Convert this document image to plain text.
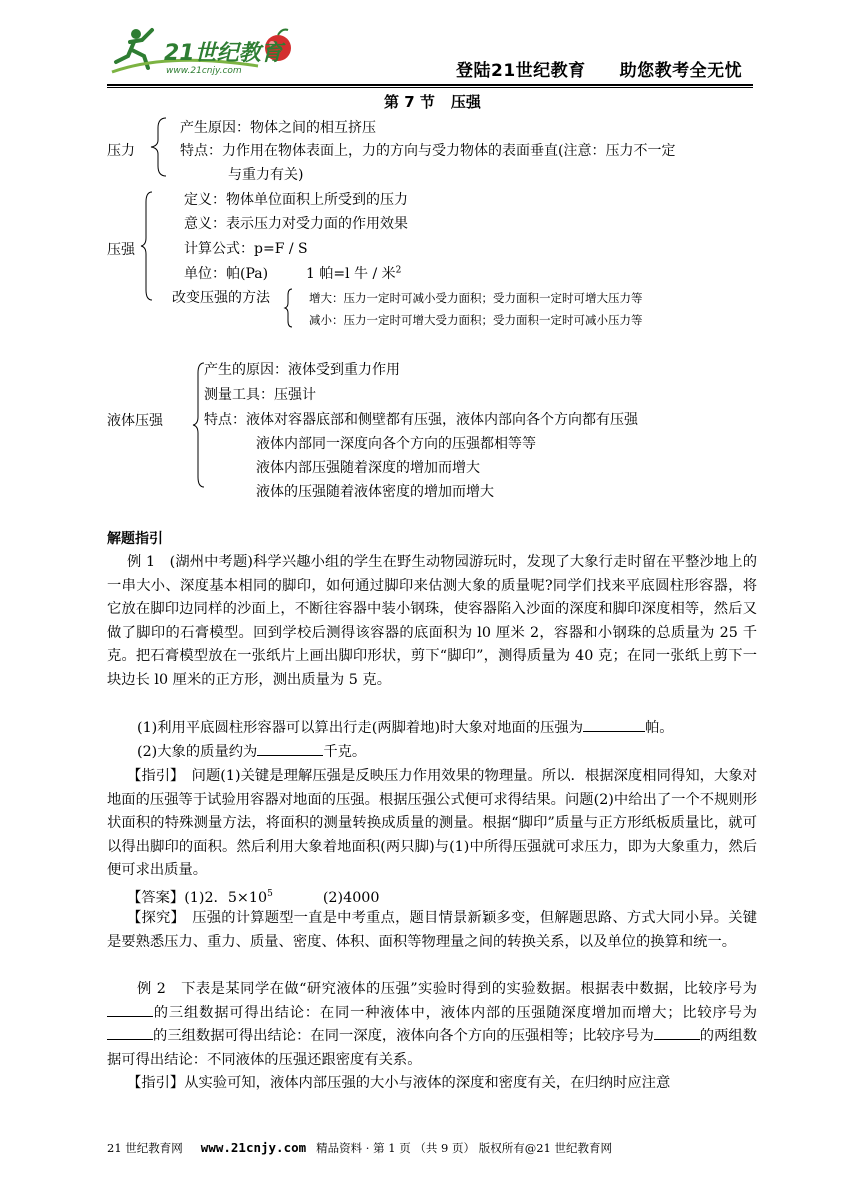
21世纪教育
www.21cnjy.com	登陆21世纪教育 助您教考全无忧
第 7 节 压强
压力
产生原因：物体之间的相互挤压
特点：力作用在物体表面上，力的方向与受力物体的表面垂直(注意：压力不一定
与重力有关)
压强
定义：物体单位面积上所受到的压力
意义：表示压力对受力面的作用效果
计算公式：p=F / S
单位：帕(Pa)	1 帕=l 牛 / 米$^2$
改变压强的方法	增大：压力一定时可减小受力面积；受力面积一定时可增大压力等
减小：压力一定时可增大受力面积；受力面积一定时可减小压力等
液体压强
产生的原因：液体受到重力作用
测量工具：压强计
特点：液体对容器底部和侧壁都有压强，液体内部向各个方向都有压强
液体内部同一深度向各个方向的压强都相等等
液体内部压强随着深度的增加而增大
液体的压强随着液体密度的增加而增大
解题指引
例 1　(湖州中考题)科学兴趣小组的学生在野生动物园游玩时，发现了大象行走时留在平整沙地上的一串大小、深度基本相同的脚印，如何通过脚印来估测大象的质量呢?同学们找来平底圆柱形容器，将它放在脚印边同样的沙面上，不断往容器中装小钢珠，使容器陷入沙面的深度和脚印深度相等，然后又做了脚印的石膏模型。回到学校后测得该容器的底面积为 l0 厘米 2，容器和小钢珠的总质量为 25 千克。把石膏模型放在一张纸片上画出脚印形状，剪下“脚印”，测得质量为 40 克；在同一张纸上剪下一块边长 l0 厘米的正方形，测出质量为 5 克。
(1)利用平底圆柱形容器可以算出行走(两脚着地)时大象对地面的压强为	帕。
(2)大象的质量约为	千克。
【指引】　问题(1)关键是理解压强是反映压力作用效果的物理量。所以．根据深度相同得知，大象对地面的压强等于试验用容器对地面的压强。根据压强公式便可求得结果。问题(2)中给出了一个不规则形状面积的特殊测量方法，将面积的测量转换成质量的测量。根据“脚印”质量与正方形纸板质量比，就可以得出脚印的面积。然后利用大象着地面积(两只脚)与(1)中所得压强就可求压力，即为大象重力，然后便可求出质量。
【答案】(1)2．$5\times 10^5$	(2)4000
【探究】　压强的计算题型一直是中考重点，题目情景新颖多变，但解题思路、方式大同小异。关键是要熟悉压力、重力、质量、密度、体积、面积等物理量之间的转换关系，以及单位的换算和统一。
例 2　下表是某同学在做“研究液体的压强”实验时得到的实验数据。根据表中数据，比较序号为的三组数据可得出结论：在同一种液体中，液体内部的压强随深度增加而增大；比较序号为的三组数据可得出结论：在同一深度，液体向各个方向的压强相等；比较序号为	的两组数据可得出结论：不同液体的压强还跟密度有关系。
【指引】从实验可知，液体内部压强的大小与液体的深度和密度有关，在归纳时应注意
21 世纪教育网 www.21cnjy.com 精品资料 · 第 1 页 （共 9 页） 版权所有@21 世纪教育网
